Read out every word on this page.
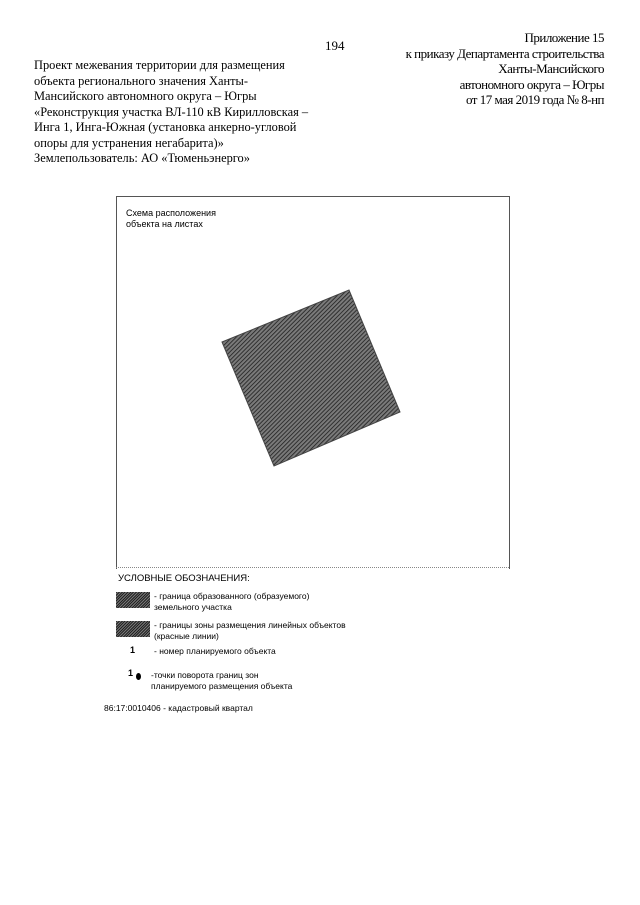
194
Приложение 15
к приказу Департамента строительства
Ханты-Мансийского
автономного округа – Югры
от 17 мая 2019 года № 8-нп
Проект межевания территории для размещения
объекта регионального значения Ханты-
Мансийского автономного округа – Югры
«Реконструкция участка ВЛ-110 кВ Кирилловская –
Инга 1, Инга-Южная (установка анкерно-угловой
опоры для устранения негабарита)»
Землепользователь: АО «Тюменьэнерго»
Схема расположения
объекта на листах
УСЛОВНЫЕ ОБОЗНАЧЕНИЯ:
- граница образованного (образуемого)
земельного участка
- границы зоны размещения линейных объектов
(красные линии)
1 - номер планируемого объекта
1 -точки поворота границ зон
планируемого размещения объекта
86:17:0010406 - кадастровый квартал
